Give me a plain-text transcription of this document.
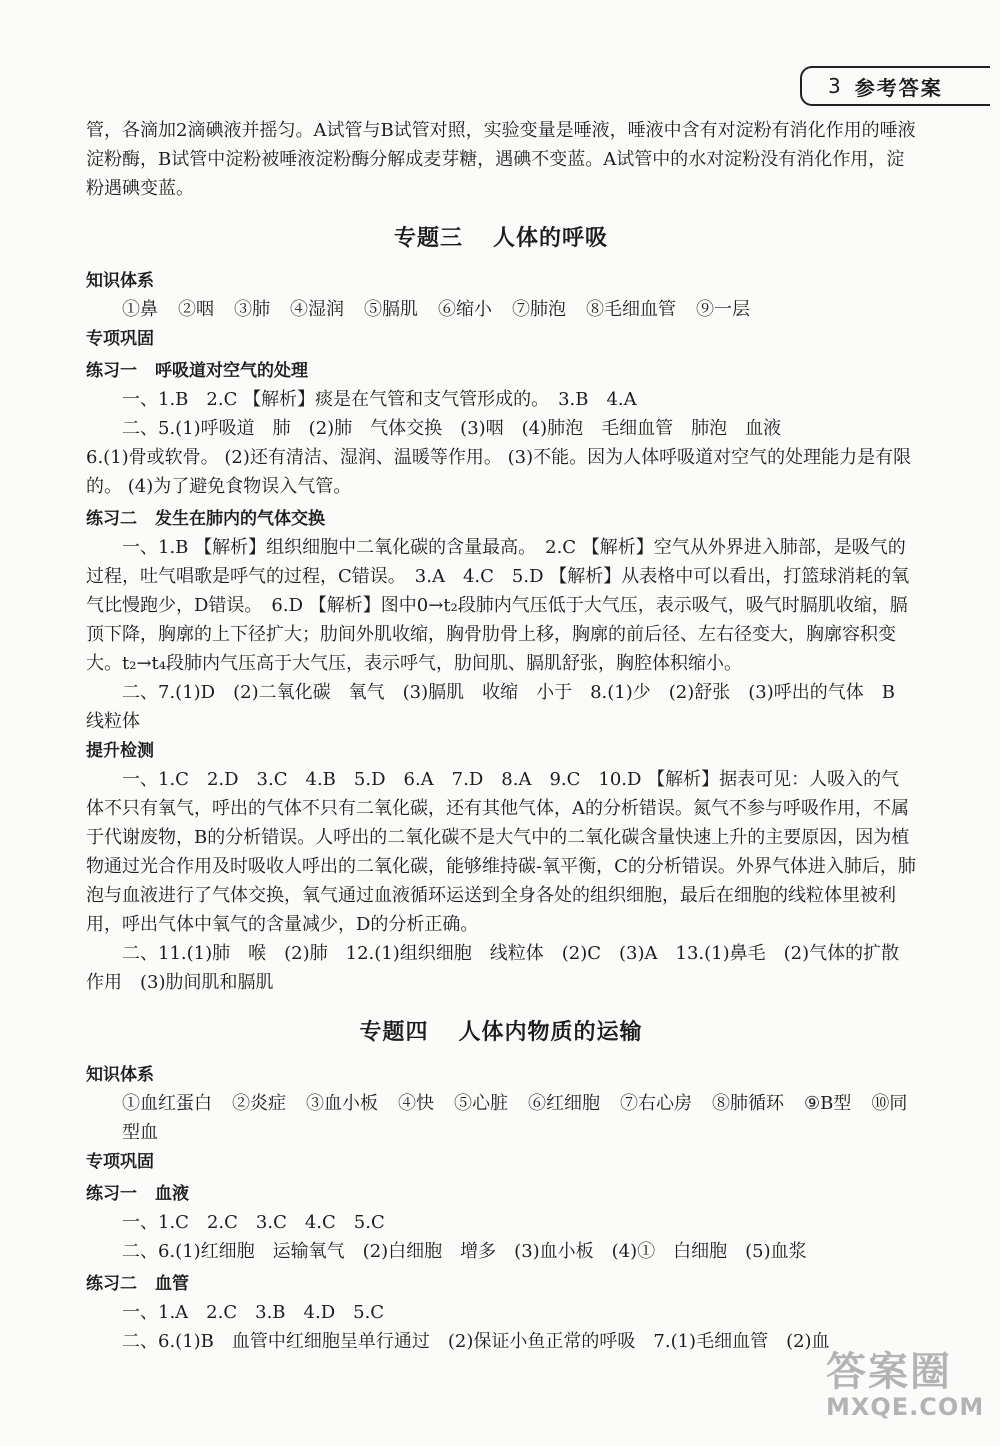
3 参考答案

管，各滴加2滴碘液并摇匀。A试管与B试管对照，实验变量是唾液，唾液中含有对淀粉有消化作用的唾液淀粉酶，B试管中淀粉被唾液淀粉酶分解成麦芽糖，遇碘不变蓝。A试管中的水对淀粉没有消化作用，淀粉遇碘变蓝。

专题三 人体的呼吸
知识体系
①鼻 ②咽 ③肺 ④湿润 ⑤膈肌 ⑥缩小 ⑦肺泡 ⑧毛细血管 ⑨一层
专项巩固
练习一 呼吸道对空气的处理

一、1.B　2.C 【解析】痰是在气管和支气管形成的。　3.B　4.A

二、5.(1)呼吸道　肺　(2)肺　气体交换　(3)咽　(4)肺泡　毛细血管　肺泡　血液

6.(1)骨或软骨。 (2)还有清洁、湿润、温暖等作用。 (3)不能。因为人体呼吸道对空气的处理能力是有限的。 (4)为了避免食物误入气管。

练习二 发生在肺内的气体交换

一、1.B 【解析】组织细胞中二氧化碳的含量最高。　2.C 【解析】空气从外界进入肺部，是吸气的过程，吐气唱歌是呼气的过程，C错误。　3.A　4.C　5.D 【解析】从表格中可以看出，打篮球消耗的氧气比慢跑少，D错误。　6.D 【解析】图中0→t₂段肺内气压低于大气压，表示吸气，吸气时膈肌收缩，膈顶下降，胸廓的上下径扩大；肋间外肌收缩，胸骨肋骨上移，胸廓的前后径、左右径变大，胸廓容积变大。t₂→t₄段肺内气压高于大气压，表示呼气，肋间肌、膈肌舒张，胸腔体积缩小。

二、7.(1)D　(2)二氧化碳　氧气　(3)膈肌　收缩　小于　8.(1)少　(2)舒张　(3)呼出的气体　B　线粒体

提升检测

一、1.C　2.D　3.C　4.B　5.D　6.A　7.D　8.A　9.C　10.D 【解析】据表可见：人吸入的气体不只有氧气，呼出的气体不只有二氧化碳，还有其他气体，A的分析错误。氮气不参与呼吸作用，不属于代谢废物，B的分析错误。人呼出的二氧化碳不是大气中的二氧化碳含量快速上升的主要原因，因为植物通过光合作用及时吸收人呼出的二氧化碳，能够维持碳-氧平衡，C的分析错误。外界气体进入肺后，肺泡与血液进行了气体交换，氧气通过血液循环运送到全身各处的组织细胞，最后在细胞的线粒体里被利用，呼出气体中氧气的含量减少，D的分析正确。

二、11.(1)肺　喉　(2)肺　12.(1)组织细胞　线粒体　(2)C　(3)A　13.(1)鼻毛　(2)气体的扩散作用　(3)肋间肌和膈肌

专题四 人体内物质的运输
知识体系
①血红蛋白 ②炎症 ③血小板 ④快 ⑤心脏 ⑥红细胞 ⑦右心房 ⑧肺循环 ⑨B型 ⑩同型血
专项巩固
练习一 血液

一、1.C　2.C　3.C　4.C　5.C

二、6.(1)红细胞　运输氧气　(2)白细胞　增多　(3)血小板　(4)①　白细胞　(5)血浆

练习二 血管

一、1.A　2.C　3.B　4.D　5.C

二、6.(1)B　血管中红细胞呈单行通过　(2)保证小鱼正常的呼吸　7.(1)毛细血管　(2)血

答案圈
MXQE.COM
